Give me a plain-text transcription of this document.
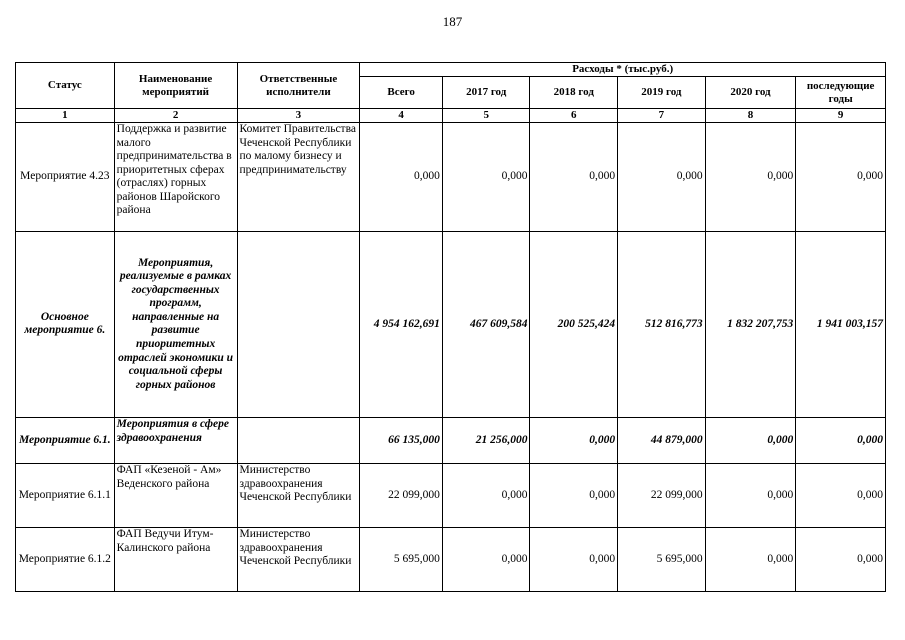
187
Статус	Наименование мероприятий	Ответственные исполнители	Расходы * (тыс.руб.)					
			Всего	2017 год	2018 год	2019 год	2020 год	последующие годы
1	2	3	4	5	6	7	8	9
Мероприятие 4.23	Поддержка и развитие малого предпринимательства в приоритетных сферах (отраслях) горных районов Шаройского района	Комитет Правительства Чеченской Республики по малому бизнесу и предпринимательству	0,000	0,000	0,000	0,000	0,000	0,000
Основное мероприятие 6.	Мероприятия, реализуемые в рамках государственных программ, направленные на развитие приоритетных отраслей экономики и социальной сферы горных районов		4 954 162,691	467 609,584	200 525,424	512 816,773	1 832 207,753	1 941 003,157
Мероприятие 6.1.	Мероприятия в сфере здравоохранения		66 135,000	21 256,000	0,000	44 879,000	0,000	0,000
Мероприятие 6.1.1	ФАП «Кезеной - Ам» Веденского района	Министерство здравоохранения Чеченской Республики	22 099,000	0,000	0,000	22 099,000	0,000	0,000
Мероприятие 6.1.2	ФАП Ведучи Итум-Калинского района	Министерство здравоохранения Чеченской Республики	5 695,000	0,000	0,000	5 695,000	0,000	0,000
